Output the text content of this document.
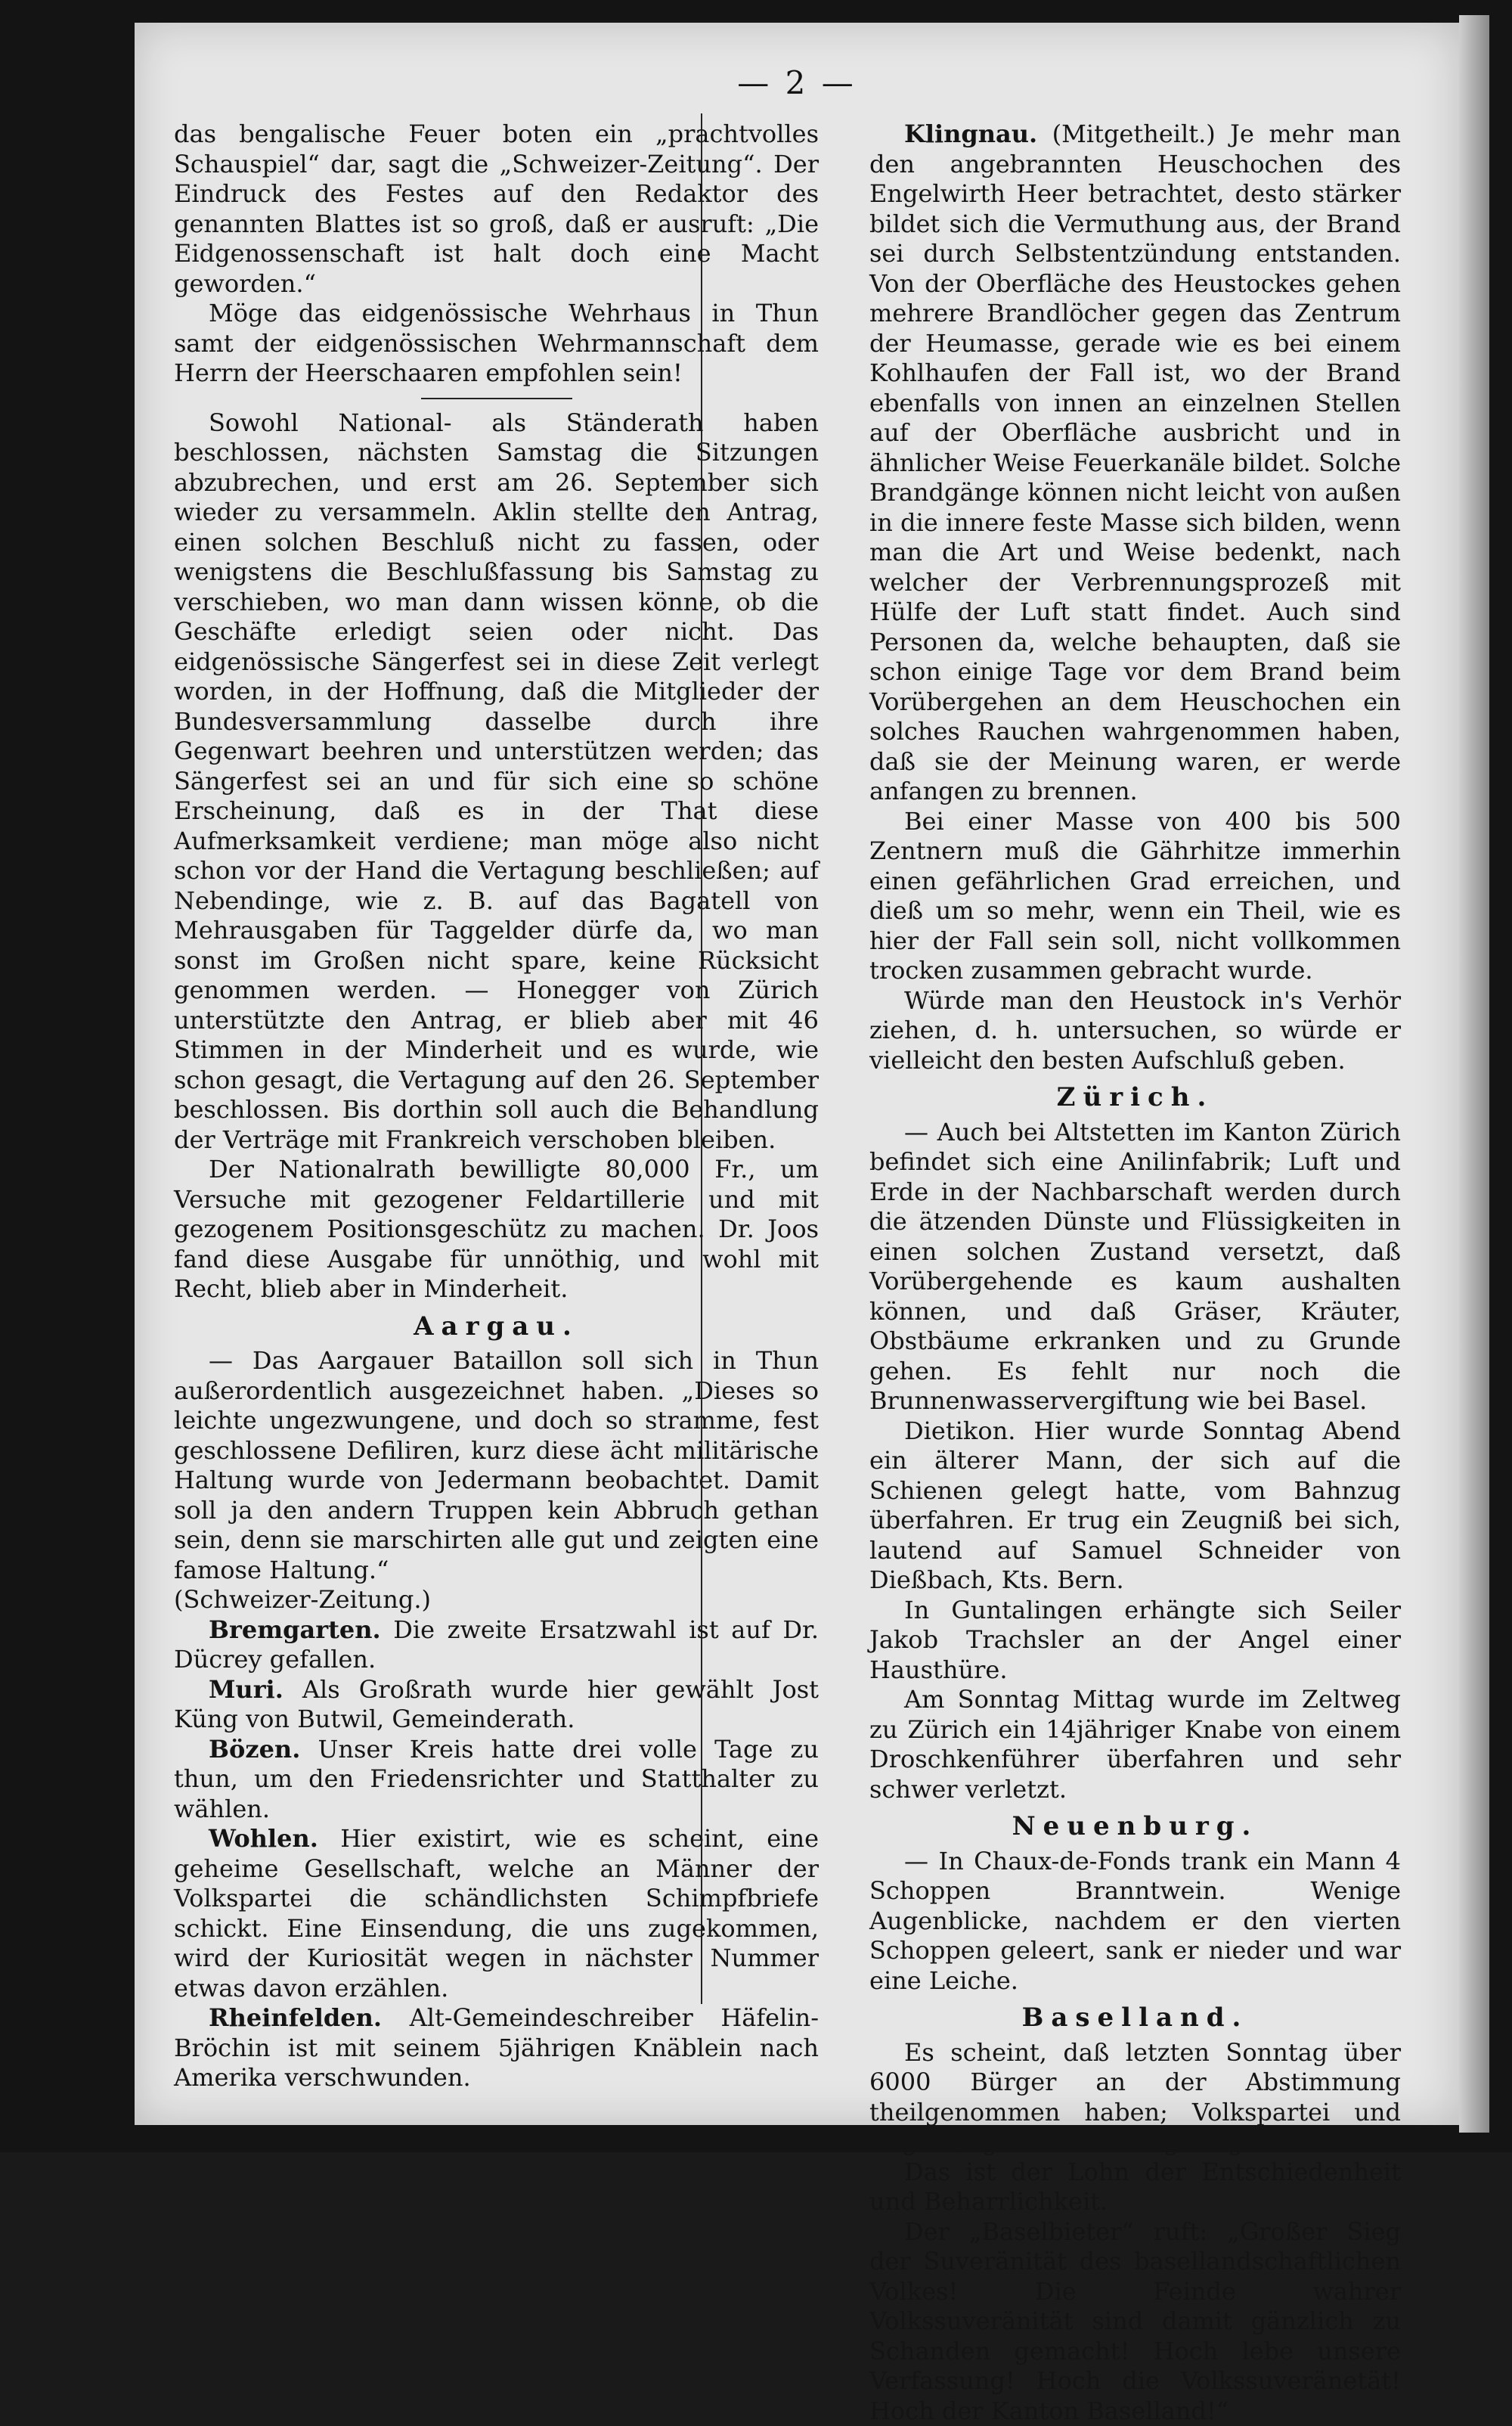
— 2 —

das bengalische Feuer boten ein „prachtvolles Schauspiel“ dar, sagt die „Schweizer-Zeitung“. Der Eindruck des Festes auf den Redaktor des genannten Blattes ist so groß, daß er ausruft: „Die Eidgenossenschaft ist halt doch eine Macht geworden.“

Möge das eidgenössische Wehrhaus in Thun samt der eidgenössischen Wehrmannschaft dem Herrn der Heerschaaren empfohlen sein!

Sowohl National- als Ständerath haben beschlossen, nächsten Samstag die Sitzungen abzubrechen, und erst am 26. September sich wieder zu versammeln. Aklin stellte den Antrag, einen solchen Beschluß nicht zu fassen, oder wenigstens die Beschlußfassung bis Samstag zu verschieben, wo man dann wissen könne, ob die Geschäfte erledigt seien oder nicht. Das eidgenössische Sängerfest sei in diese Zeit verlegt worden, in der Hoffnung, daß die Mitglieder der Bundesversammlung dasselbe durch ihre Gegenwart beehren und unterstützen werden; das Sängerfest sei an und für sich eine so schöne Erscheinung, daß es in der That diese Aufmerksamkeit verdiene; man möge also nicht schon vor der Hand die Vertagung beschließen; auf Nebendinge, wie z. B. auf das Bagatell von Mehrausgaben für Taggelder dürfe da, wo man sonst im Großen nicht spare, keine Rücksicht genommen werden. — Honegger von Zürich unterstützte den Antrag, er blieb aber mit 46 Stimmen in der Minderheit und es wurde, wie schon gesagt, die Vertagung auf den 26. September beschlossen. Bis dorthin soll auch die Behandlung der Verträge mit Frankreich verschoben bleiben.

Der Nationalrath bewilligte 80,000 Fr., um Versuche mit gezogener Feldartillerie und mit gezogenem Positionsgeschütz zu machen. Dr. Joos fand diese Ausgabe für unnöthig, und wohl mit Recht, blieb aber in Minderheit.

Aargau.

— Das Aargauer Bataillon soll sich in Thun außerordentlich ausgezeichnet haben. „Dieses so leichte ungezwungene, und doch so stramme, fest geschlossene Defiliren, kurz diese ächt militärische Haltung wurde von Jedermann beobachtet. Damit soll ja den andern Truppen kein Abbruch gethan sein, denn sie marschirten alle gut und zeigten eine famose Haltung.“

(Schweizer-Zeitung.)

Bremgarten. Die zweite Ersatzwahl ist auf Dr. Dücrey gefallen.

Muri. Als Großrath wurde hier gewählt Jost Küng von Butwil, Gemeinderath.

Bözen. Unser Kreis hatte drei volle Tage zu thun, um den Friedensrichter und Statthalter zu wählen.

Wohlen. Hier existirt, wie es scheint, eine geheime Gesellschaft, welche an Männer der Volkspartei die schändlichsten Schimpfbriefe schickt. Eine Einsendung, die uns zugekommen, wird der Kuriosität wegen in nächster Nummer etwas davon erzählen.

Rheinfelden. Alt-Gemeindeschreiber Häfelin-Bröchin ist mit seinem 5jährigen Knäblein nach Amerika verschwunden.

Klingnau. (Mitgetheilt.) Je mehr man den angebrannten Heuschochen des Engelwirth Heer betrachtet, desto stärker bildet sich die Vermuthung aus, der Brand sei durch Selbstentzündung entstanden. Von der Oberfläche des Heustockes gehen mehrere Brandlöcher gegen das Zentrum der Heumasse, gerade wie es bei einem Kohlhaufen der Fall ist, wo der Brand ebenfalls von innen an einzelnen Stellen auf der Oberfläche ausbricht und in ähnlicher Weise Feuerkanäle bildet. Solche Brandgänge können nicht leicht von außen in die innere feste Masse sich bilden, wenn man die Art und Weise bedenkt, nach welcher der Verbrennungsprozeß mit Hülfe der Luft statt findet. Auch sind Personen da, welche behaupten, daß sie schon einige Tage vor dem Brand beim Vorübergehen an dem Heuschochen ein solches Rauchen wahrgenommen haben, daß sie der Meinung waren, er werde anfangen zu brennen.

Bei einer Masse von 400 bis 500 Zentnern muß die Gährhitze immerhin einen gefährlichen Grad erreichen, und dieß um so mehr, wenn ein Theil, wie es hier der Fall sein soll, nicht vollkommen trocken zusammen gebracht wurde.

Würde man den Heustock in's Verhör ziehen, d. h. untersuchen, so würde er vielleicht den besten Aufschluß geben.

Zürich.

— Auch bei Altstetten im Kanton Zürich befindet sich eine Anilinfabrik; Luft und Erde in der Nachbarschaft werden durch die ätzenden Dünste und Flüssigkeiten in einen solchen Zustand versetzt, daß Vorübergehende es kaum aushalten können, und daß Gräser, Kräuter, Obstbäume erkranken und zu Grunde gehen. Es fehlt nur noch die Brunnenwasservergiftung wie bei Basel.

Dietikon. Hier wurde Sonntag Abend ein älterer Mann, der sich auf die Schienen gelegt hatte, vom Bahnzug überfahren. Er trug ein Zeugniß bei sich, lautend auf Samuel Schneider von Dießbach, Kts. Bern.

In Guntalingen erhängte sich Seiler Jakob Trachsler an der Angel einer Hausthüre.

Am Sonntag Mittag wurde im Zeltweg zu Zürich ein 14jähriger Knabe von einem Droschkenführer überfahren und sehr schwer verletzt.

Neuenburg.

— In Chaux-de-Fonds trank ein Mann 4 Schoppen Branntwein. Wenige Augenblicke, nachdem er den vierten Schoppen geleert, sank er nieder und war eine Leiche.

Baselland.

Es scheint, daß letzten Sonntag über 6000 Bürger an der Abstimmung theilgenommen haben; Volkspartei und Regierung haben somit gesiegt.

Das ist der Lohn der Entschiedenheit und Beharrlichkeit.

Der „Baselbieter“ ruft: „Großer Sieg der Suveränität des basellandschaftlichen Volkes! Die Feinde wahrer Volkssuveränität sind damit gänzlich zu Schanden gemacht! Hoch lebe unsere Verfassung! Hoch die Volkssuveränetät! Hoch der Kanton Baselland!“
